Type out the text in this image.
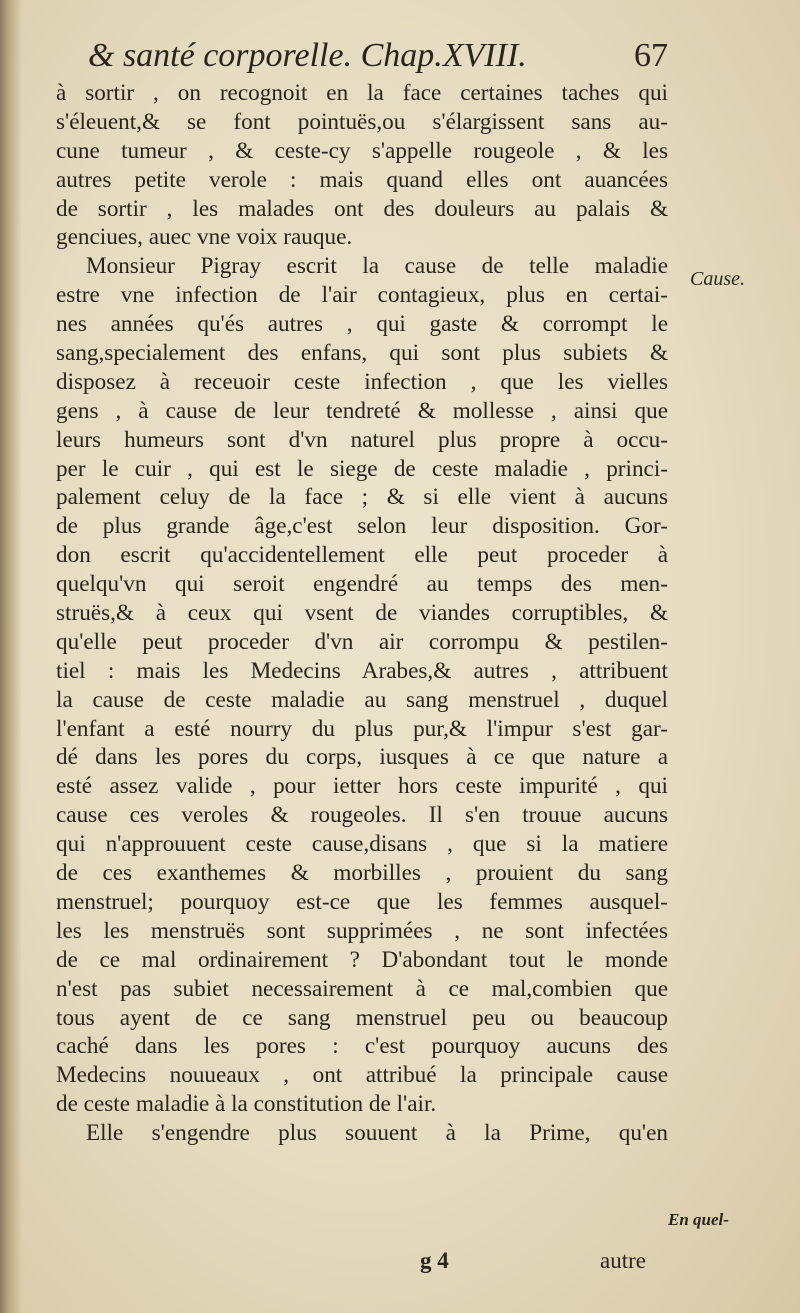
& santé corporelle. Chap.XVIII.	67
à sortir , on recognoit en la face certaines taches qui
s'éleuent,& se font pointuës,ou s'élargissent sans au-
cune tumeur , & ceste-cy s'appelle rougeole , & les
autres petite verole : mais quand elles ont auancées
de sortir , les malades ont des douleurs au palais &
genciues, auec vne voix rauque.
Monsieur Pigray escrit la cause de telle maladie
estre vne infection de l'air contagieux, plus en certai-
nes années qu'és autres , qui gaste & corrompt le
sang,specialement des enfans, qui sont plus subiets &
disposez à receuoir ceste infection , que les vielles
gens , à cause de leur tendreté & mollesse , ainsi que
leurs humeurs sont d'vn naturel plus propre à occu-
per le cuir , qui est le siege de ceste maladie , princi-
palement celuy de la face ; & si elle vient à aucuns
de plus grande âge,c'est selon leur disposition. Gor-
don escrit qu'accidentellement elle peut proceder à
quelqu'vn qui seroit engendré au temps des men-
struës,& à ceux qui vsent de viandes corruptibles, &
qu'elle peut proceder d'vn air corrompu & pestilen-
tiel : mais les Medecins Arabes,& autres , attribuent
la cause de ceste maladie au sang menstruel , duquel
l'enfant a esté nourry du plus pur,& l'impur s'est gar-
dé dans les pores du corps, iusques à ce que nature a
esté assez valide , pour ietter hors ceste impurité , qui
cause ces veroles & rougeoles. Il s'en trouue aucuns
qui n'approuuent ceste cause,disans , que si la matiere
de ces exanthemes & morbilles , prouient du sang
menstruel; pourquoy est-ce que les femmes ausquel-
les les menstruës sont supprimées , ne sont infectées
de ce mal ordinairement ? D'abondant tout le monde
n'est pas subiet necessairement à ce mal,combien que
tous ayent de ce sang menstruel peu ou beaucoup
caché dans les pores : c'est pourquoy aucuns des
Medecins nouueaux , ont attribué la principale cause
de ceste maladie à la constitution de l'air.
Elle s'engendre plus souuent à la Prime, qu'en
Cause.
En quel-
g 4	autre
